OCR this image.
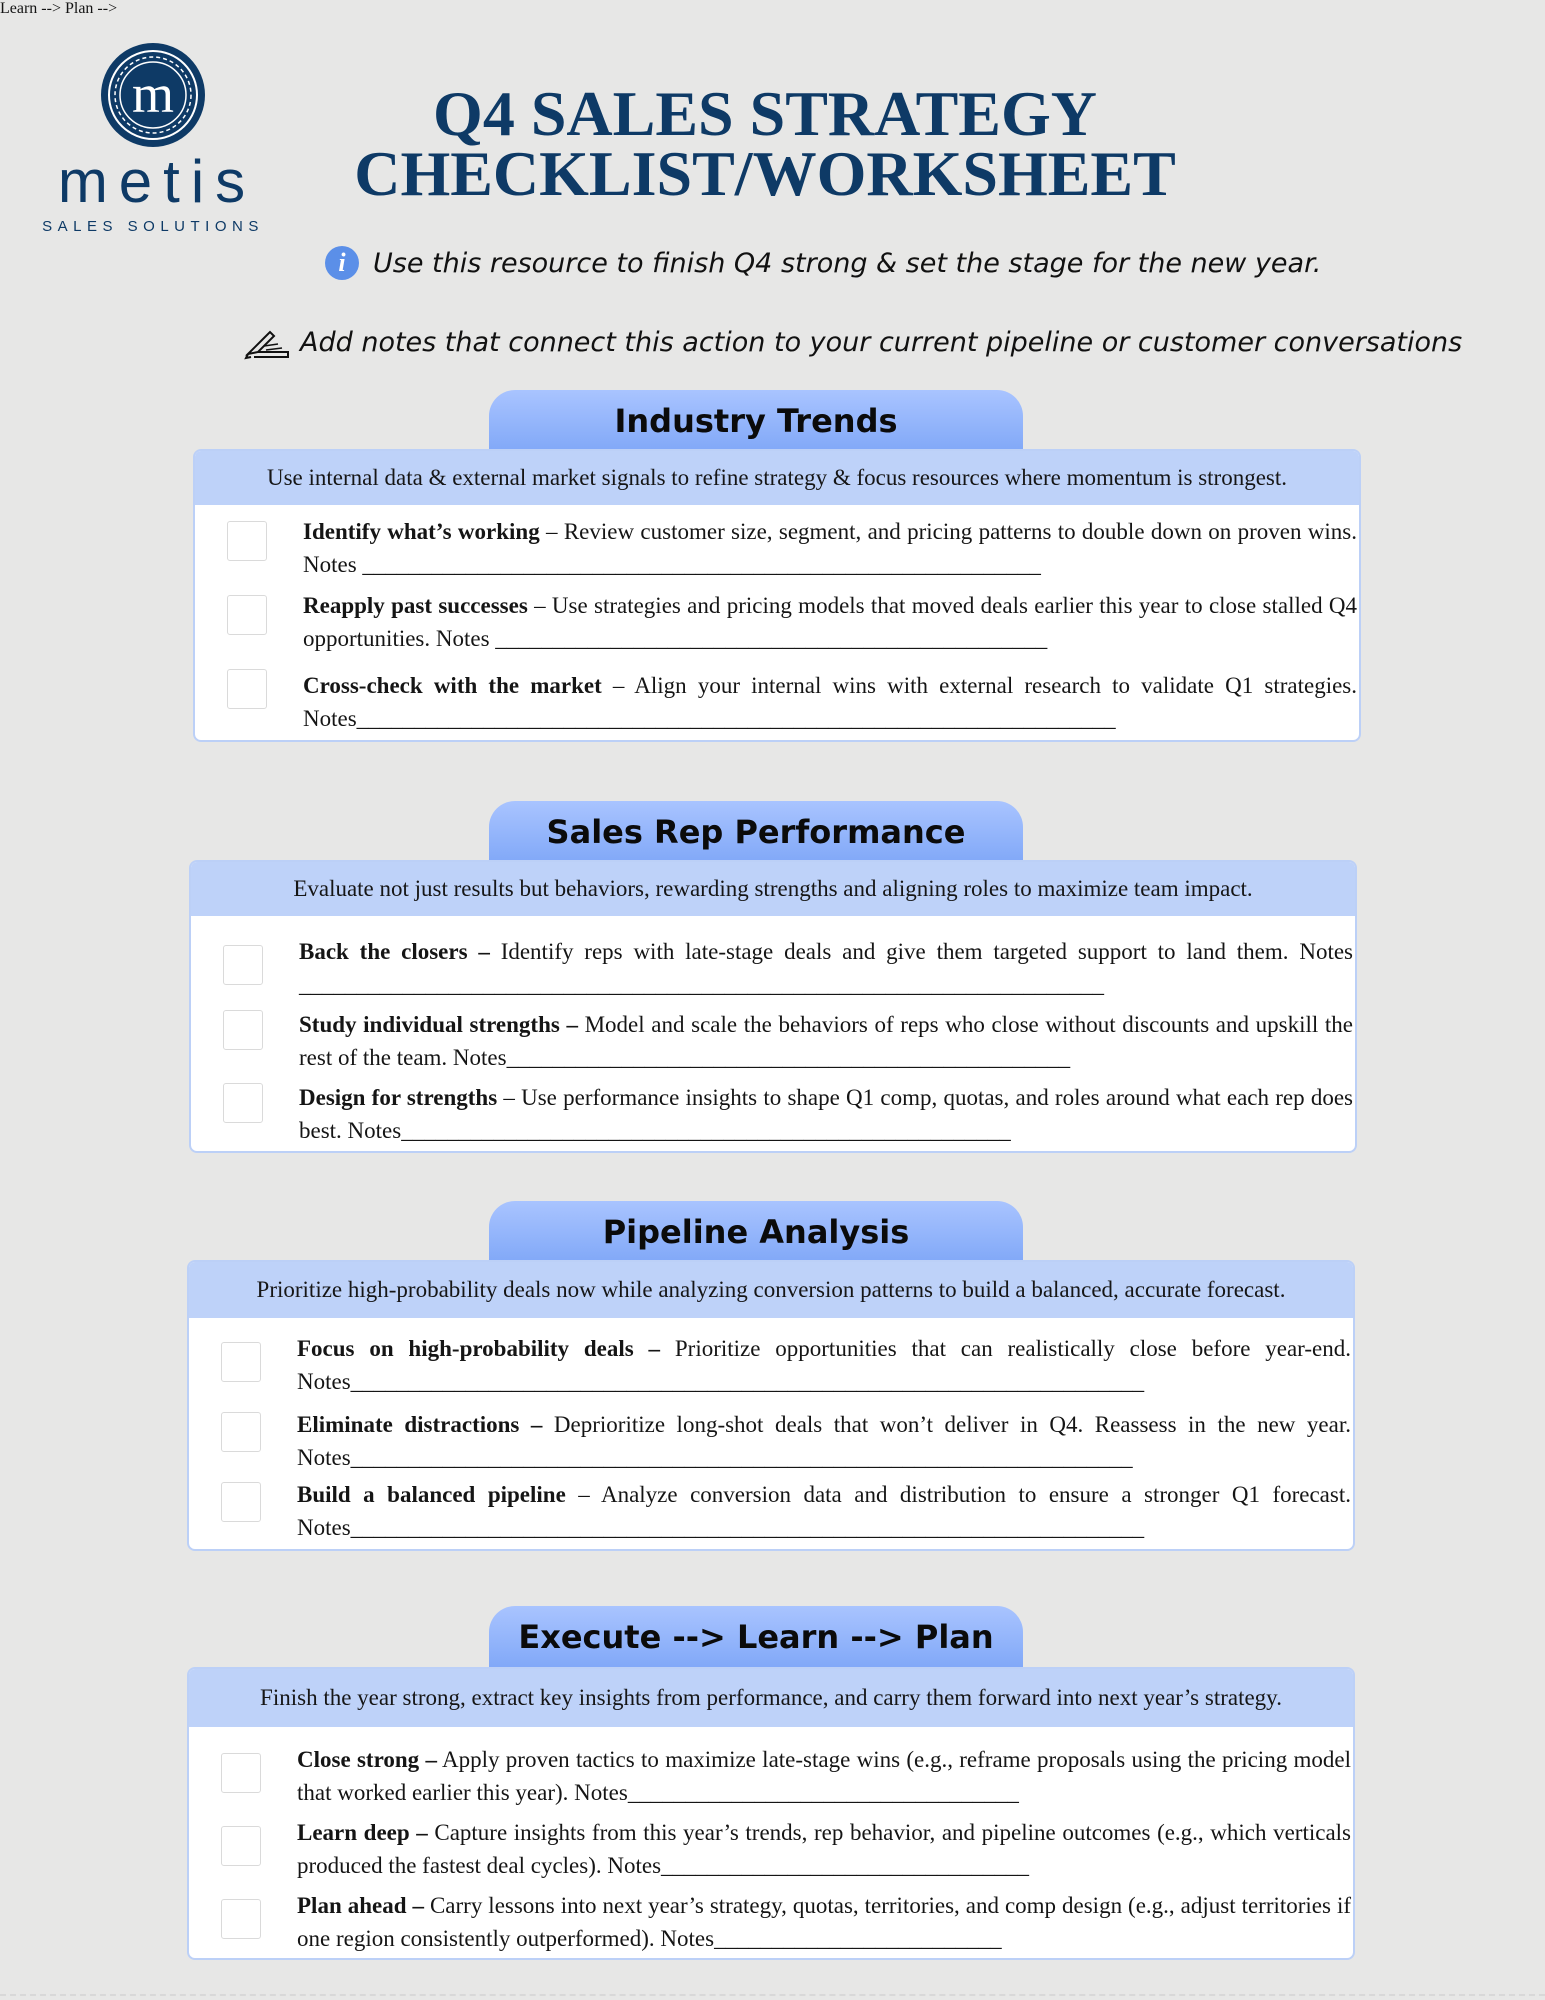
m
metis
SALES SOLUTIONS
Q4 SALES STRATEGY
CHECKLIST/WORKSHEET
i	Use this resource to finish Q4 strong & set the stage for the new year.
Add notes that connect this action to your current pipeline or customer conversations
Industry Trends
Use internal data & external market signals to refine strategy & focus resources where momentum is strongest.
Identify what’s working – Review customer size, segment, and pricing patterns to double down on proven wins. Notes ___________________________________________________________
Reapply past successes – Use strategies and pricing models that moved deals earlier this year to close stalled Q4 opportunities. Notes ________________________________________________
Cross-check with the market – Align your internal wins with external research to validate Q1 strategies. Notes__________________________________________________________________
Sales Rep Performance
Evaluate not just results but behaviors, rewarding strengths and aligning roles to maximize team impact.
Back the closers – Identify reps with late-stage deals and give them targeted support to land them. Notes ______________________________________________________________________
Study individual strengths – Model and scale the behaviors of reps who close without discounts and upskill the rest of the team. Notes_________________________________________________
Design for strengths – Use performance insights to shape Q1 comp, quotas, and roles around what each rep does best. Notes_____________________________________________________
Pipeline Analysis
Prioritize high-probability deals now while analyzing conversion patterns to build a balanced, accurate forecast.
Focus on high-probability deals – Prioritize opportunities that can realistically close before year-end. Notes_____________________________________________________________________
Eliminate distractions – Deprioritize long-shot deals that won’t deliver in Q4. Reassess in the new year. Notes____________________________________________________________________
Build a balanced pipeline – Analyze conversion data and distribution to ensure a stronger Q1 forecast. Notes_____________________________________________________________________
Learn --> Plan -->
Execute --> Learn --> Plan
Finish the year strong, extract key insights from performance, and carry them forward into next year’s strategy.
Close strong – Apply proven tactics to maximize late-stage wins (e.g., reframe proposals using the pricing model that worked earlier this year). Notes__________________________________
Learn deep – Capture insights from this year’s trends, rep behavior, and pipeline outcomes (e.g., which verticals produced the fastest deal cycles). Notes________________________________
Plan ahead – Carry lessons into next year’s strategy, quotas, territories, and comp design (e.g., adjust territories if one region consistently outperformed). Notes_________________________
